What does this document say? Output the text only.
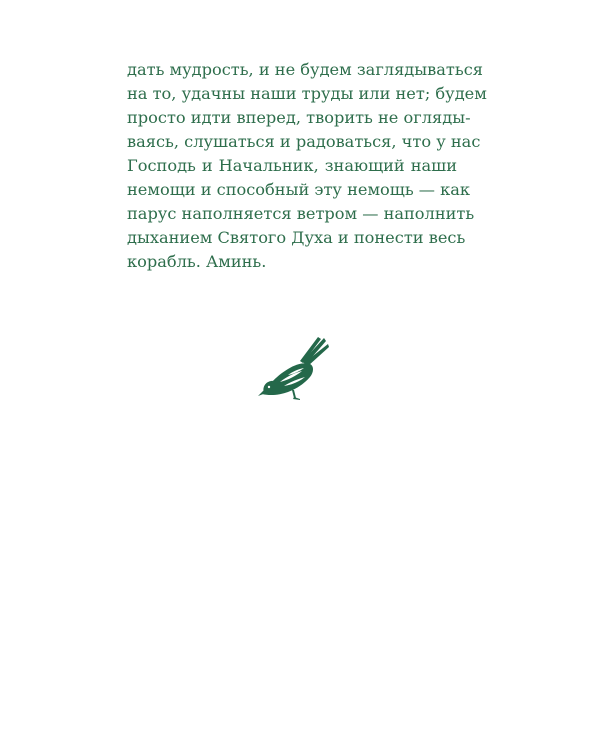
дать мудрость, и не будем заглядываться
на то, удачны наши труды или нет; будем
просто идти вперед, творить не огляды-
ваясь, слушаться и радоваться, что у нас
Господь и Начальник, знающий наши
немощи и способный эту немощь — как
парус наполняется ветром — наполнить
дыханием Святого Духа и понести весь
корабль. Аминь.
